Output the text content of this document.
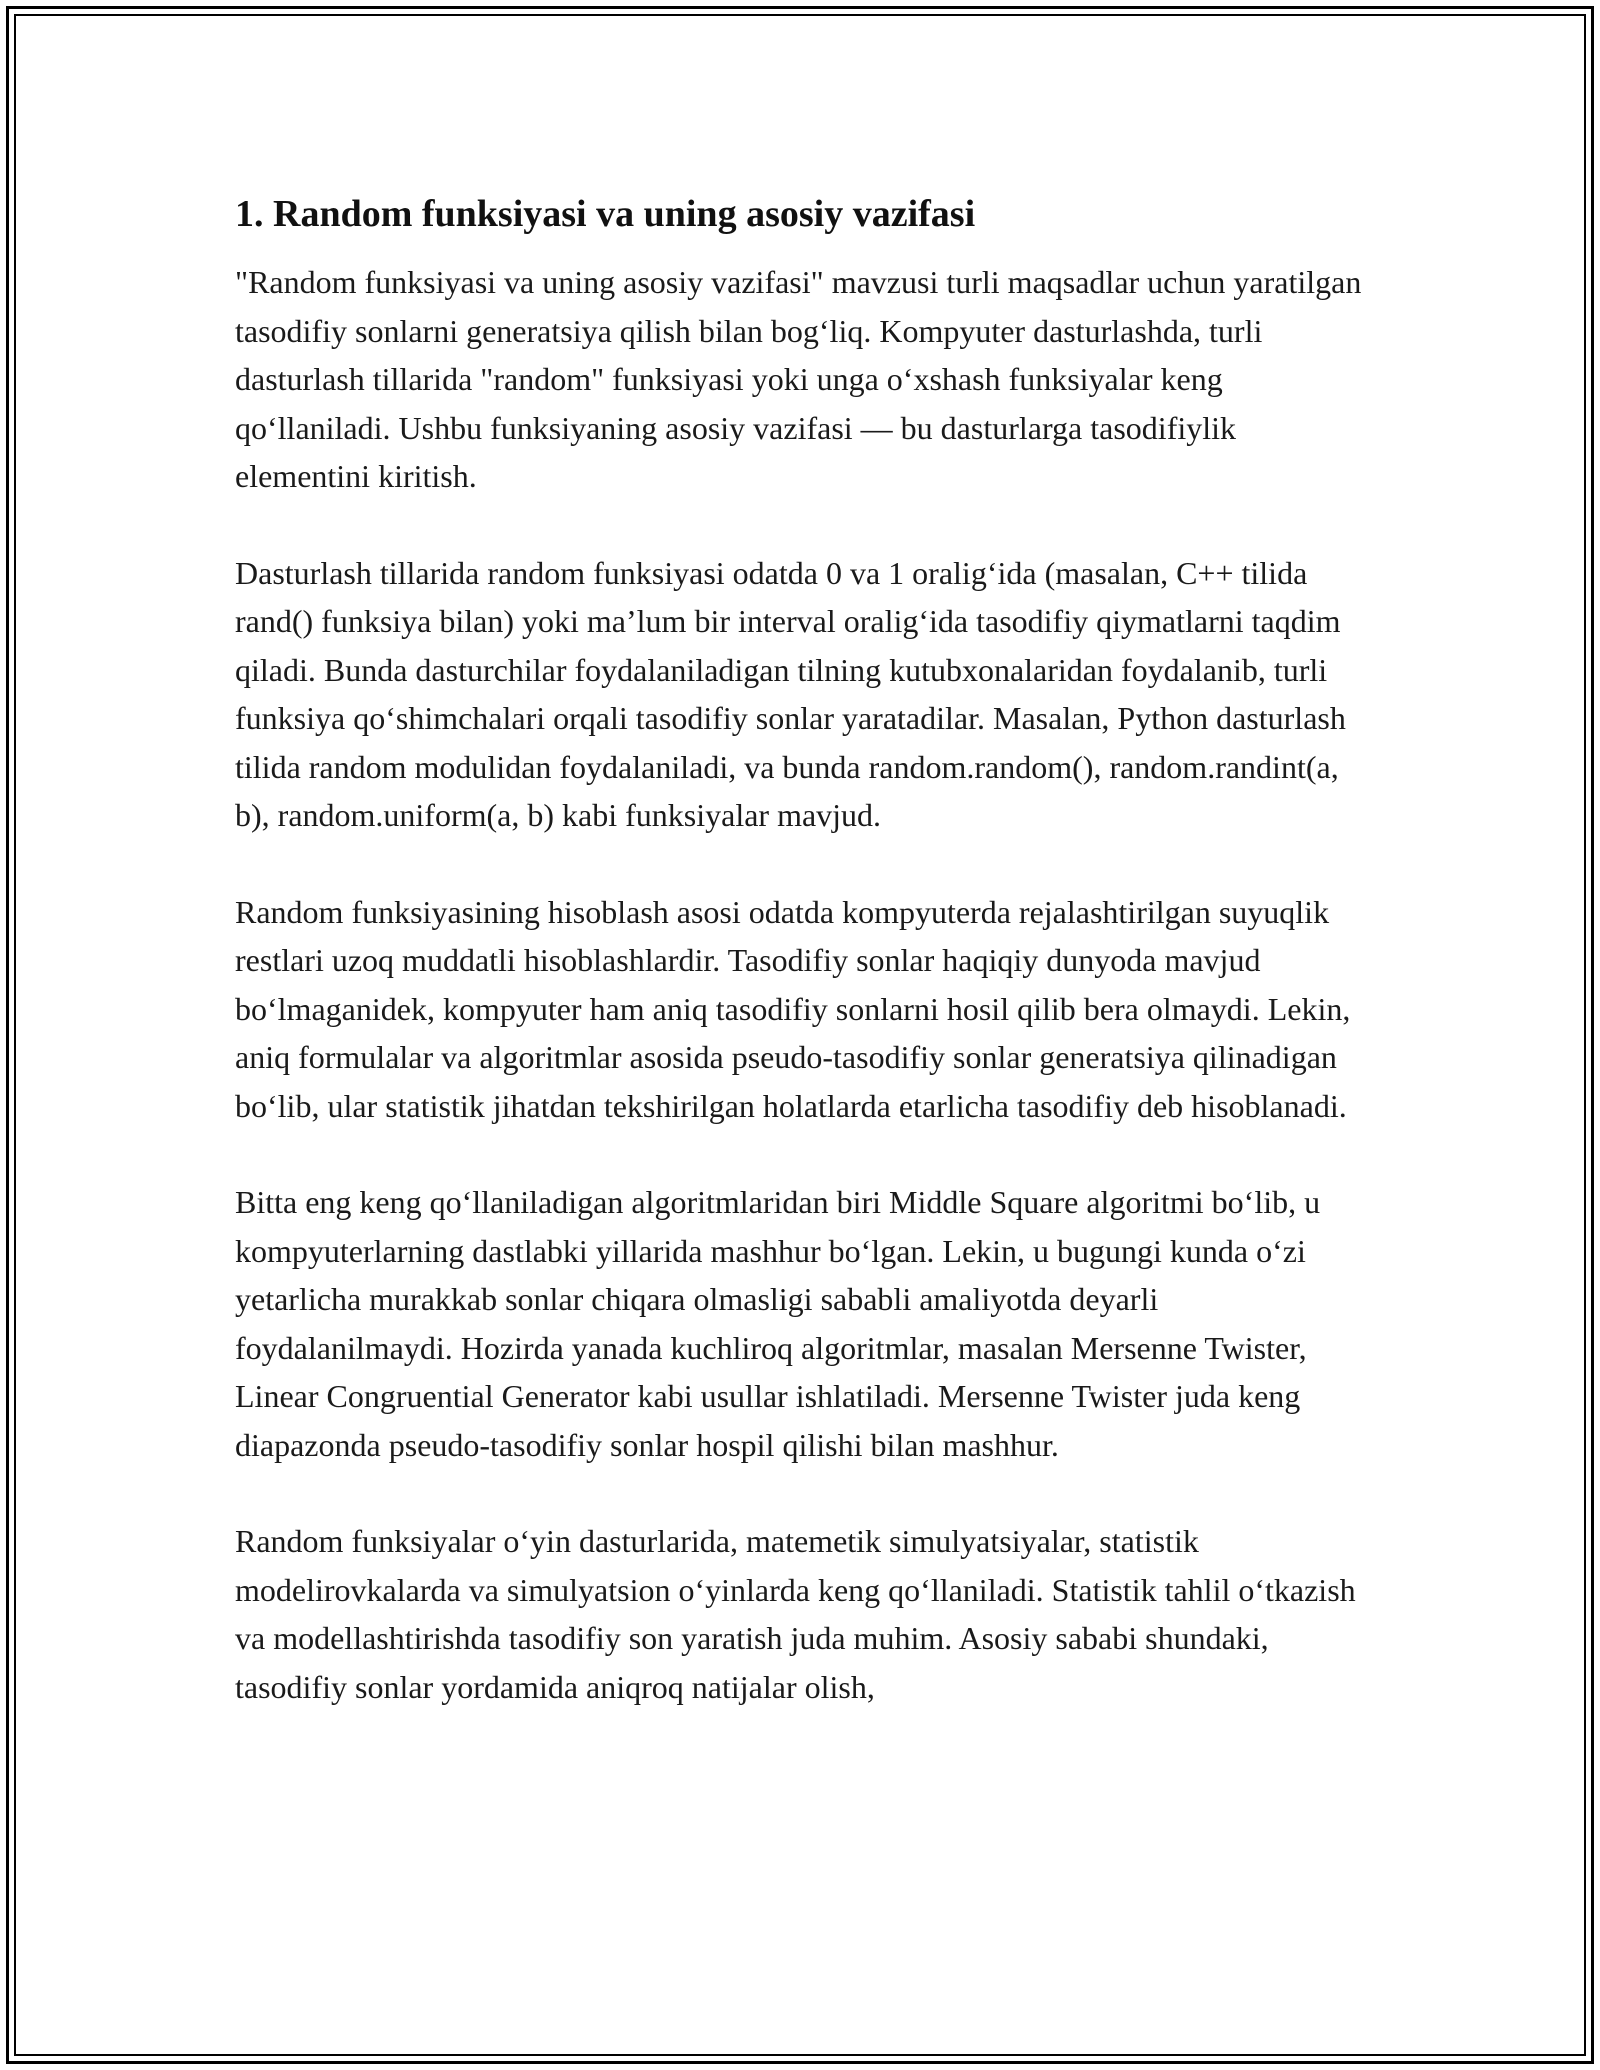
1. Random funksiyasi va uning asosiy vazifasi

"Random funksiyasi va uning asosiy vazifasi" mavzusi turli maqsadlar uchun yaratilgan tasodifiy sonlarni generatsiya qilish bilan bog‘liq. Kompyuter dasturlashda, turli dasturlash tillarida "random" funksiyasi yoki unga o‘xshash funksiyalar keng qo‘llaniladi. Ushbu funksiyaning asosiy vazifasi — bu dasturlarga tasodifiylik elementini kiritish.

Dasturlash tillarida random funksiyasi odatda 0 va 1 oralig‘ida (masalan, C++ tilida rand() funksiya bilan) yoki ma’lum bir interval oralig‘ida tasodifiy qiymatlarni taqdim qiladi. Bunda dasturchilar foydalaniladigan tilning kutubxonalaridan foydalanib, turli funksiya qo‘shimchalari orqali tasodifiy sonlar yaratadilar. Masalan, Python dasturlash tilida random modulidan foydalaniladi, va bunda random.random(), random.randint(a, b), random.uniform(a, b) kabi funksiyalar mavjud.

Random funksiyasining hisoblash asosi odatda kompyuterda rejalashtirilgan suyuqlik restlari uzoq muddatli hisoblashlardir. Tasodifiy sonlar haqiqiy dunyoda mavjud bo‘lmaganidek, kompyuter ham aniq tasodifiy sonlarni hosil qilib bera olmaydi. Lekin, aniq formulalar va algoritmlar asosida pseudo-tasodifiy sonlar generatsiya qilinadigan bo‘lib, ular statistik jihatdan tekshirilgan holatlarda etarlicha tasodifiy deb hisoblanadi.

Bitta eng keng qo‘llaniladigan algoritmlaridan biri Middle Square algoritmi bo‘lib, u kompyuterlarning dastlabki yillarida mashhur bo‘lgan. Lekin, u bugungi kunda o‘zi yetarlicha murakkab sonlar chiqara olmasligi sababli amaliyotda deyarli foydalanilmaydi. Hozirda yanada kuchliroq algoritmlar, masalan Mersenne Twister, Linear Congruential Generator kabi usullar ishlatiladi. Mersenne Twister juda keng diapazonda pseudo-tasodifiy sonlar hospil qilishi bilan mashhur.

Random funksiyalar o‘yin dasturlarida, matemetik simulyatsiyalar, statistik modelirovkalarda va simulyatsion o‘yinlarda keng qo‘llaniladi. Statistik tahlil o‘tkazish va modellashtirishda tasodifiy son yaratish juda muhim. Asosiy sababi shundaki, tasodifiy sonlar yordamida aniqroq natijalar olish,
